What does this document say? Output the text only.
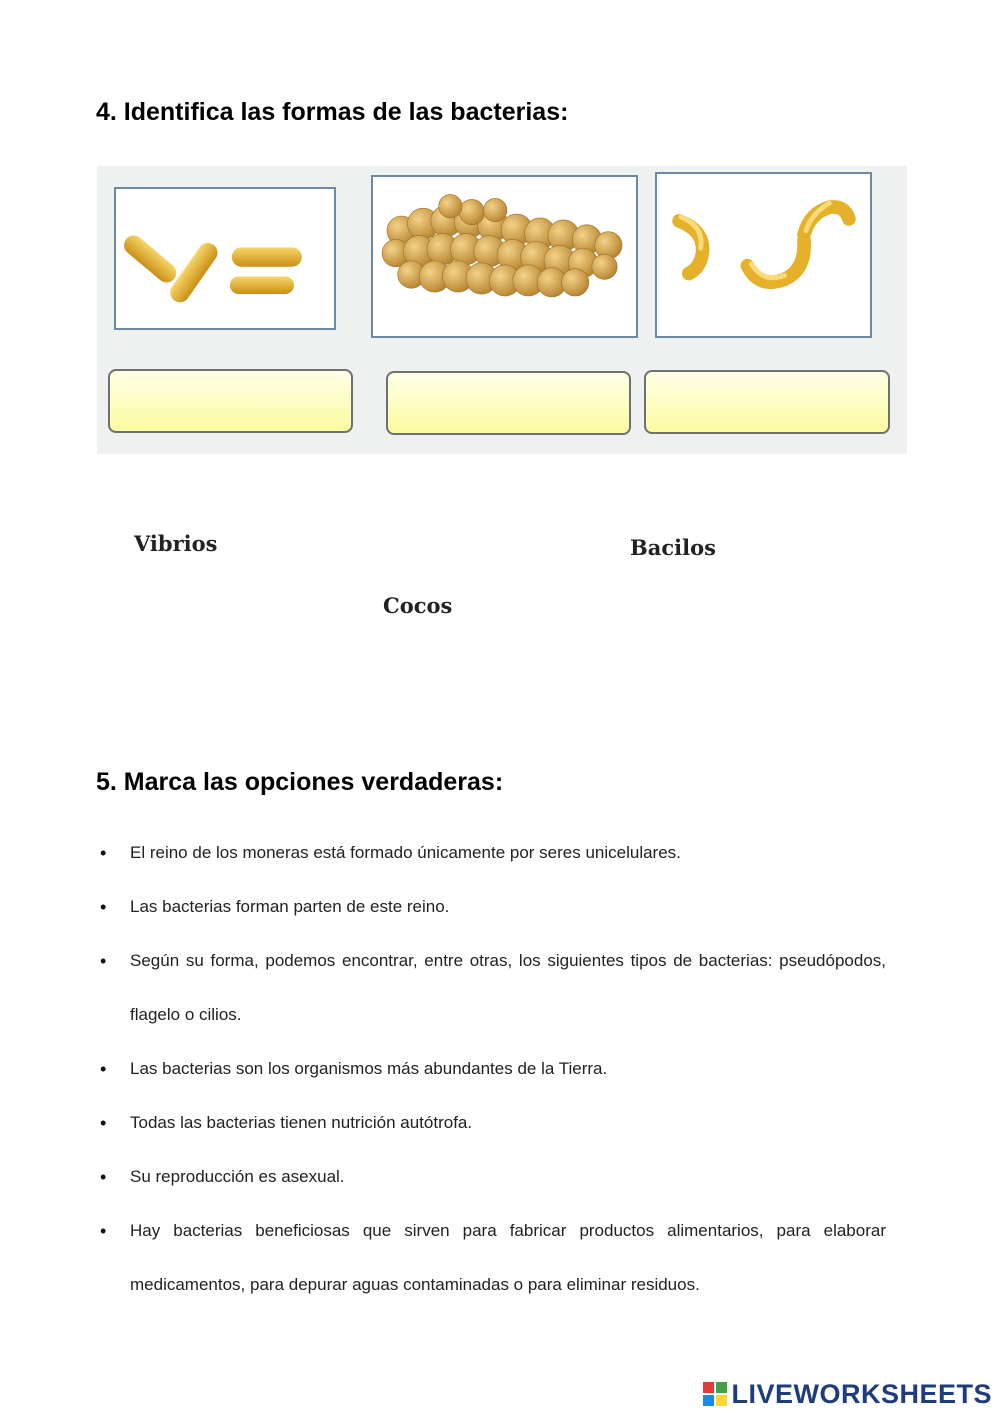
4. Identifica las formas de las bacterias:
Vibrios	Bacilos
Cocos
5. Marca las opciones verdaderas:
• El reino de los moneras está formado únicamente por seres unicelulares.
• Las bacterias forman parten de este reino.
• Según su forma, podemos encontrar, entre otras, los siguientes tipos de bacterias: pseudópodos, flagelo o cilios.
• Las bacterias son los organismos más abundantes de la Tierra.
• Todas las bacterias tienen nutrición autótrofa.
• Su reproducción es asexual.
• Hay bacterias beneficiosas que sirven para fabricar productos alimentarios, para elaborar medicamentos, para depurar aguas contaminadas o para eliminar residuos.
LIVEWORKSHEETS
